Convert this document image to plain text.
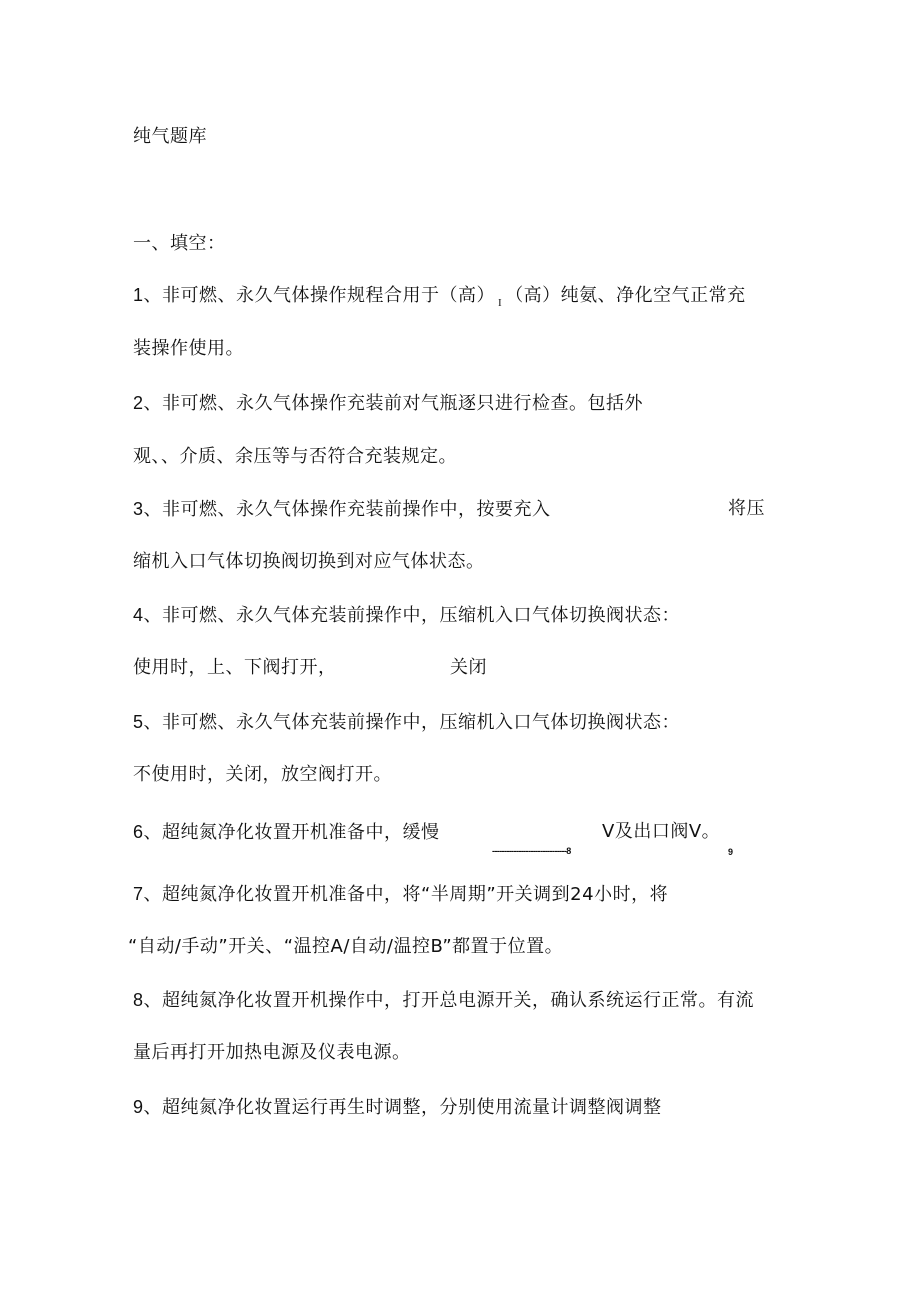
纯气题库
一、填空：
1、非可燃、永久气体操作规程合用于（高） $_I$ （高）纯氨、净化空气正常充
装操作使用。
2、非可燃、永久气体操作充装前对气瓶逐只进行检查。包括外
观、、介质、余压等与否符合充装规定。
3、非可燃、永久气体操作充装前操作中，按要充入	将压
缩机入口气体切换阀切换到对应气体状态。
4、非可燃、永久气体充装前操作中，压缩机入口气体切换阀状态：
使用时，上、下阀打开，	关闭
5、非可燃、永久气体充装前操作中，压缩机入口气体切换阀状态：
不使用时，关闭，放空阀打开。
6、超纯氮净化妆置开机准备中，缓慢	V及出口阀V。
-------------------------------8	9
7、超纯氮净化妆置开机准备中，将“半周期”开关调到24小时，将
“自动/手动”开关、“温控A/自动/温控B”都置于位置。
8、超纯氮净化妆置开机操作中，打开总电源开关，确认系统运行正常。有流
量后再打开加热电源及仪表电源。
9、超纯氮净化妆置运行再生时调整，分别使用流量计调整阀调整
